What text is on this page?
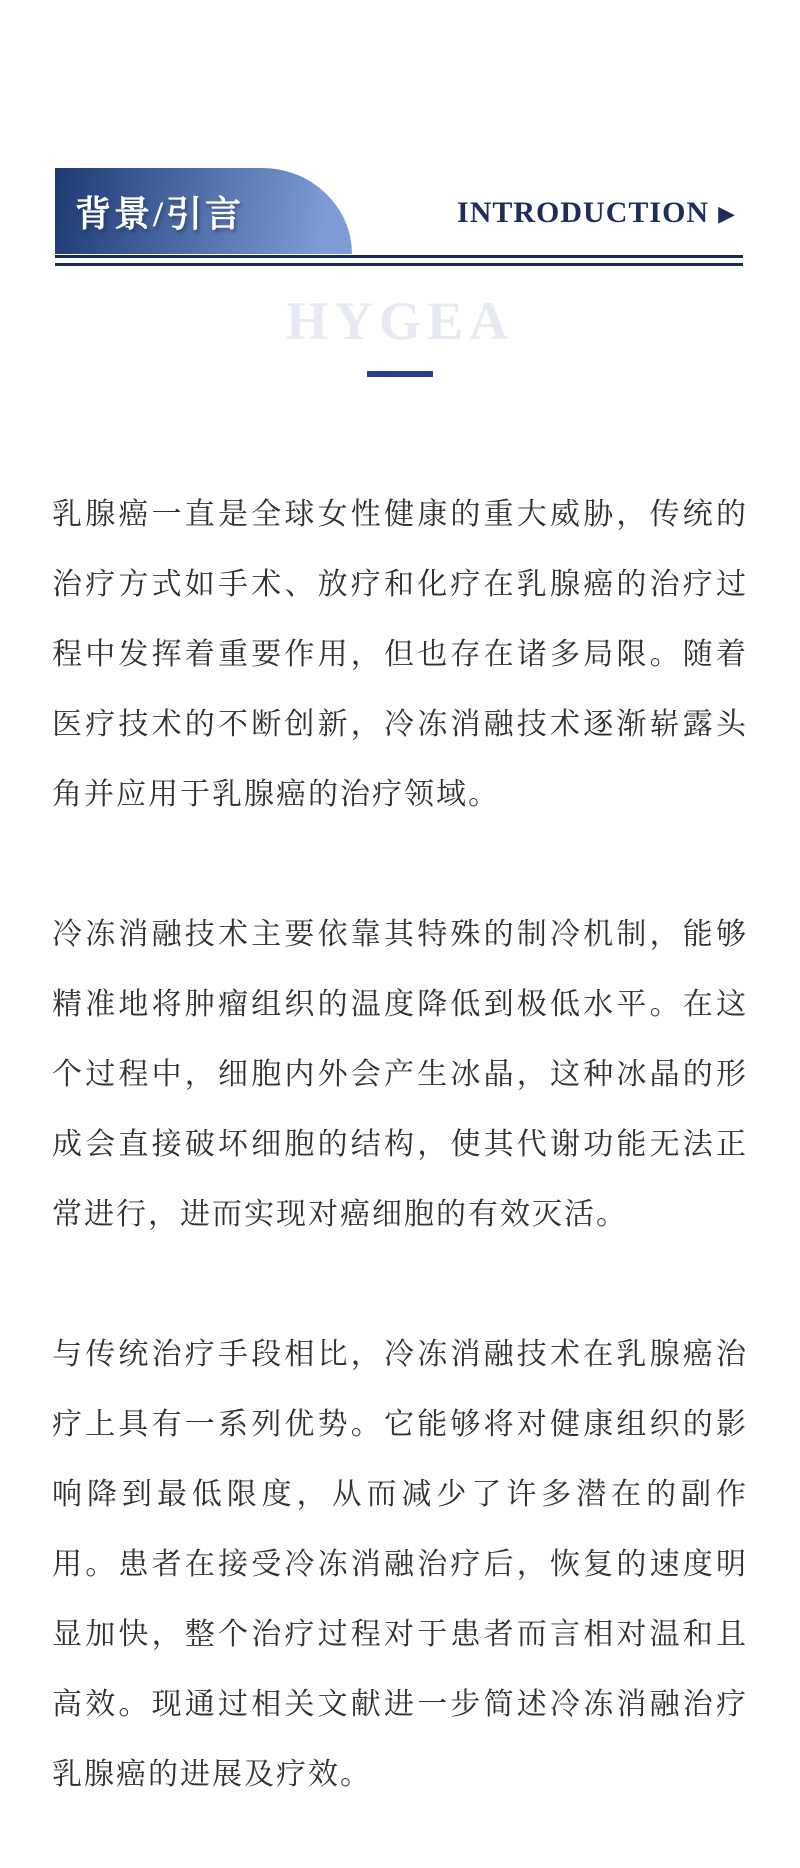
背景/引言	INTRODUCTION ▶
HYGEA

乳腺癌一直是全球女性健康的重大威胁，传统的治疗方式如手术、放疗和化疗在乳腺癌的治疗过程中发挥着重要作用，但也存在诸多局限。随着医疗技术的不断创新，冷冻消融技术逐渐崭露头角并应用于乳腺癌的治疗领域。

冷冻消融技术主要依靠其特殊的制冷机制，能够精准地将肿瘤组织的温度降低到极低水平。在这个过程中，细胞内外会产生冰晶，这种冰晶的形成会直接破坏细胞的结构，使其代谢功能无法正常进行，进而实现对癌细胞的有效灭活。

与传统治疗手段相比，冷冻消融技术在乳腺癌治疗上具有一系列优势。它能够将对健康组织的影响降到最低限度，从而减少了许多潜在的副作用。患者在接受冷冻消融治疗后，恢复的速度明显加快，整个治疗过程对于患者而言相对温和且高效。现通过相关文献进一步简述冷冻消融治疗乳腺癌的进展及疗效。
